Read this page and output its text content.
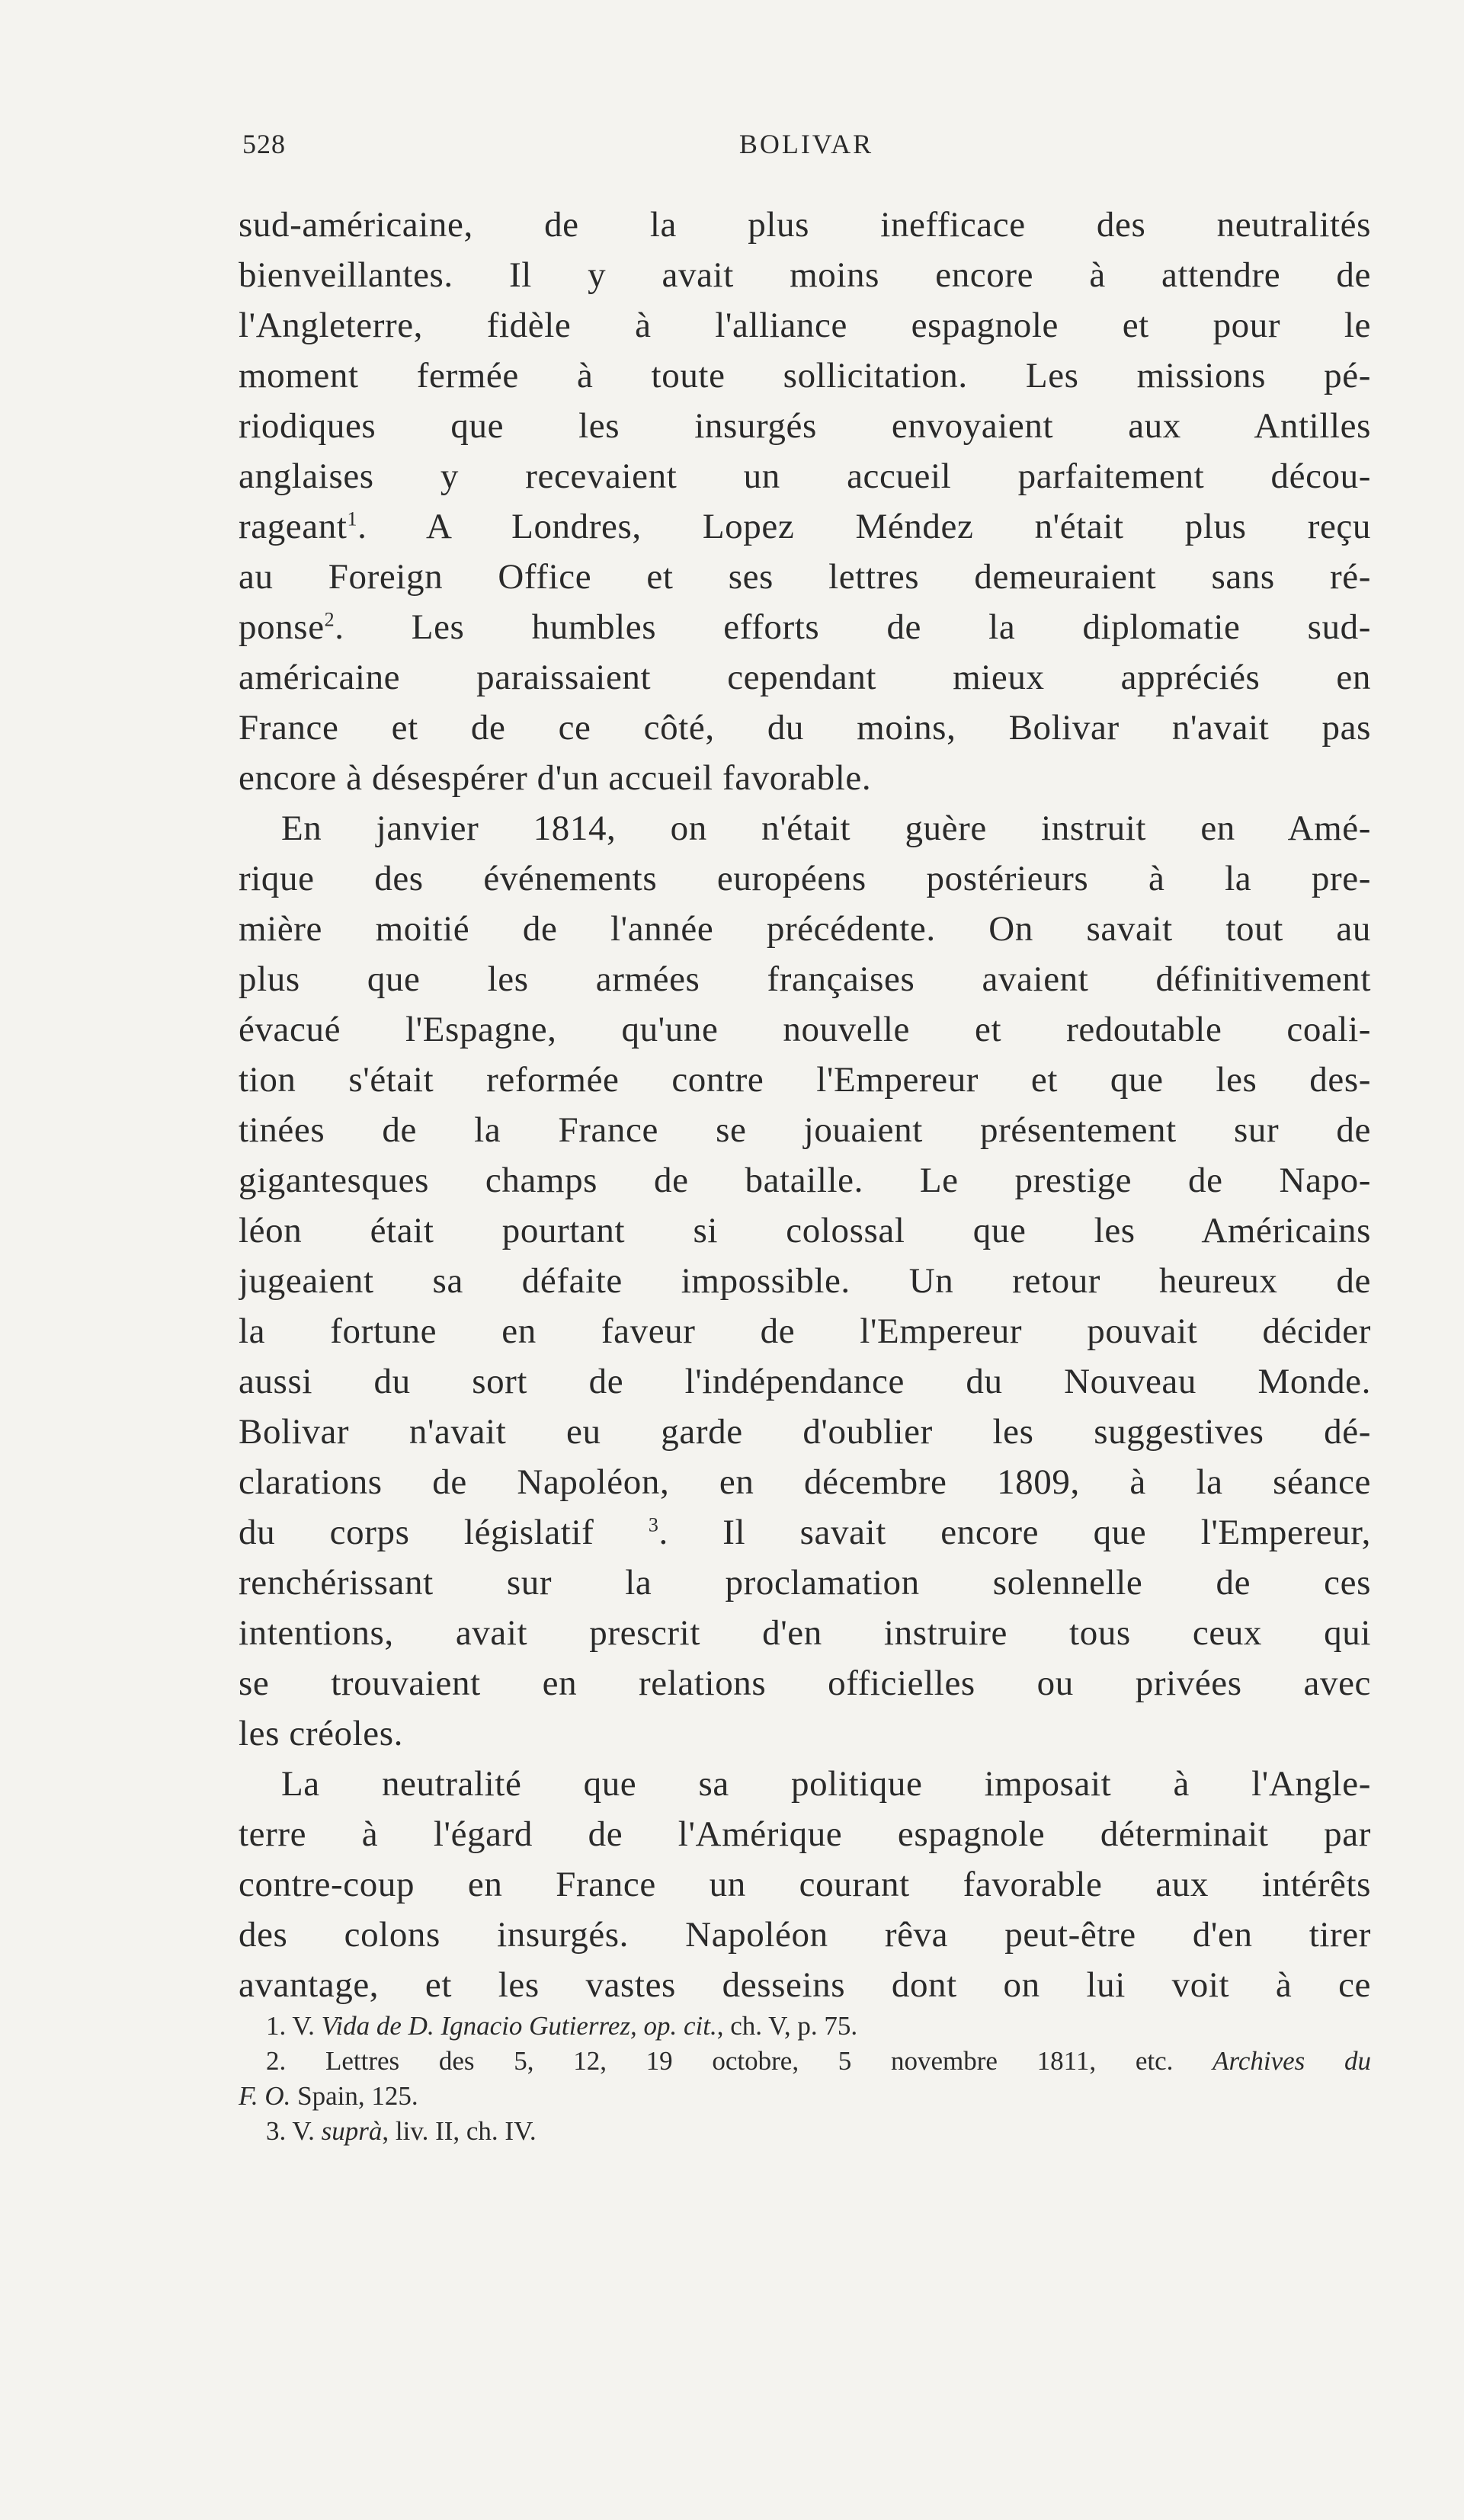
528	BOLIVAR
sud-américaine, de la plus inefficace des neutralités
bienveillantes. Il y avait moins encore à attendre de
l'Angleterre, fidèle à l'alliance espagnole et pour le
moment fermée à toute sollicitation. Les missions pé-
riodiques que les insurgés envoyaient aux Antilles
anglaises y recevaient un accueil parfaitement décou-
rageant$^1$. A Londres, Lopez Méndez n'était plus reçu
au Foreign Office et ses lettres demeuraient sans ré-
ponse$^2$. Les humbles efforts de la diplomatie sud-
américaine paraissaient cependant mieux appréciés en
France et de ce côté, du moins, Bolivar n'avait pas
encore à désespérer d'un accueil favorable.
En janvier 1814, on n'était guère instruit en Amé-
rique des événements européens postérieurs à la pre-
mière moitié de l'année précédente. On savait tout au
plus que les armées françaises avaient définitivement
évacué l'Espagne, qu'une nouvelle et redoutable coali-
tion s'était reformée contre l'Empereur et que les des-
tinées de la France se jouaient présentement sur de
gigantesques champs de bataille. Le prestige de Napo-
léon était pourtant si colossal que les Américains
jugeaient sa défaite impossible. Un retour heureux de
la fortune en faveur de l'Empereur pouvait décider
aussi du sort de l'indépendance du Nouveau Monde.
Bolivar n'avait eu garde d'oublier les suggestives dé-
clarations de Napoléon, en décembre 1809, à la séance
du corps législatif	$^3$. Il savait encore que l'Empereur,
renchérissant sur la proclamation solennelle de ces
intentions, avait prescrit d'en instruire tous ceux qui
se trouvaient en relations officielles ou privées avec
les créoles.
La neutralité que sa politique imposait à l'Angle-
terre à l'égard de l'Amérique espagnole déterminait par
contre-coup en France un courant favorable aux intérêts
des colons insurgés. Napoléon rêva peut-être d'en tirer
avantage, et les vastes desseins dont on lui voit à ce
1. V. Vida de D. Ignacio Gutierrez, op. cit., ch. V, p. 75.
2. Lettres des 5, 12, 19 octobre, 5 novembre 1811, etc. Archives du
F. O. Spain, 125.
3. V. suprà, liv. II, ch. IV.
